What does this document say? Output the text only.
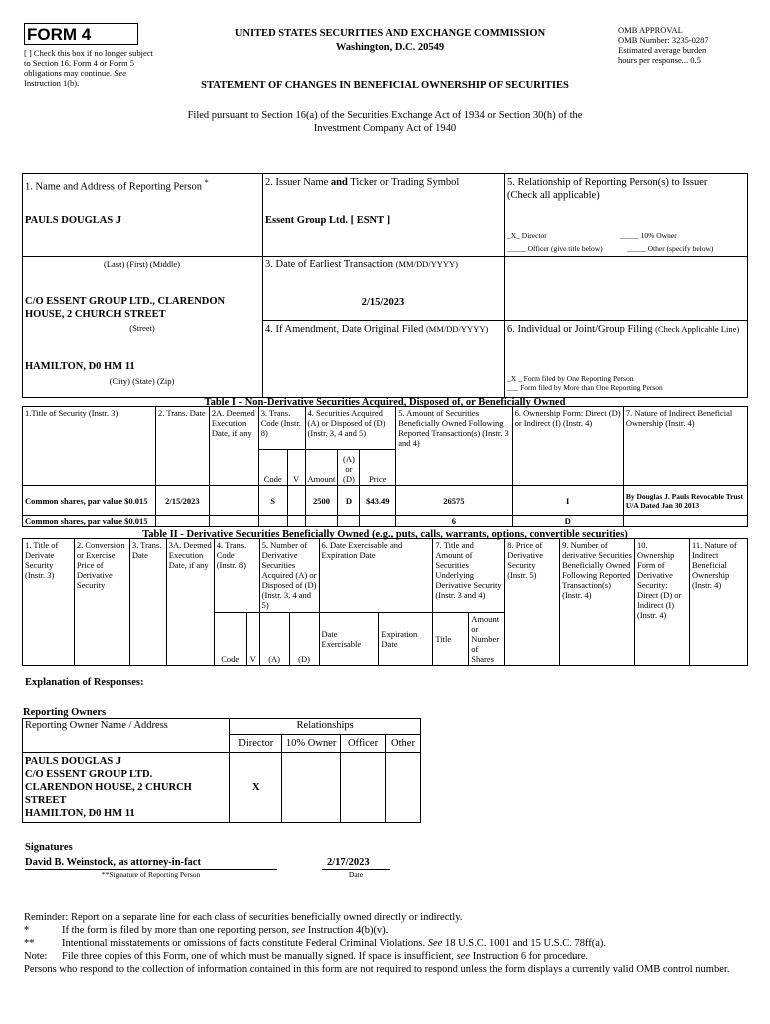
FORM 4
[ ] Check this box if no longer subject to Section 16. Form 4 or Form 5 obligations may continue. See Instruction 1(b).
UNITED STATES SECURITIES AND EXCHANGE COMMISSION
Washington, D.C. 20549
OMB APPROVAL
OMB Number: 3235-0287
Estimated average burden
hours per response... 0.5
STATEMENT OF CHANGES IN BENEFICIAL OWNERSHIP OF SECURITIES
Filed pursuant to Section 16(a) of the Securities Exchange Act of 1934 or Section 30(h) of the
Investment Company Act of 1940
1. Name and Address of Reporting Person *
PAULS DOUGLAS J
(Last) (First) (Middle)
C/O ESSENT GROUP LTD., CLARENDON HOUSE, 2 CHURCH STREET
(Street)
HAMILTON, D0 HM 11
(City) (State) (Zip)
2. Issuer Name and Ticker or Trading Symbol
Essent Group Ltd. [ ESNT ]
3. Date of Earliest Transaction (MM/DD/YYYY)
2/15/2023
4. If Amendment, Date Original Filed (MM/DD/YYYY)
5. Relationship of Reporting Person(s) to Issuer
(Check all applicable)
_X_ Director	_____ 10% Owner
_____ Officer (give title below)	_____ Other (specify below)
6. Individual or Joint/Group Filing (Check Applicable Line)
_X _ Form filed by One Reporting Person
___ Form filed by More than One Reporting Person
Table I - Non-Derivative Securities Acquired, Disposed of, or Beneficially Owned
1.Title of Security (Instr. 3)	2. Trans. Date	2A. Deemed Execution Date, if any	3. Trans. Code (Instr. 8)		4. Securities Acquired (A) or Disposed of (D) (Instr. 3, 4 and 5)			5. Amount of Securities Beneficially Owned Following Reported Transaction(s) (Instr. 3 and 4)	6. Ownership Form: Direct (D) or Indirect (I) (Instr. 4)	7. Nature of Indirect Beneficial Ownership (Instr. 4)
			Code	V	Amount	(A) or (D)	Price			
Common shares, par value $0.015	2/15/2023		S		2500	D	$43.49	26575	I	By Douglas J. Pauls Revocable Trust U/A Dated Jan 30 2013
Common shares, par value $0.015								6	D	
Table II - Derivative Securities Beneficially Owned (e.g., puts, calls, warrants, options, convertible securities)
1. Title of Derivate Security (Instr. 3)	2. Conversion or Exercise Price of Derivative Security	3. Trans. Date	3A. Deemed Execution Date, if any	4. Trans. Code (Instr. 8)		5. Number of Derivative Securities Acquired (A) or Disposed of (D) (Instr. 3, 4 and 5)		6. Date Exercisable and Expiration Date		7. Title and Amount of Securities Underlying Derivative Security (Instr. 3 and 4)		8. Price of Derivative Security (Instr. 5)	9. Number of derivative Securities Beneficially Owned Following Reported Transaction(s) (Instr. 4)	10. Ownership Form of Derivative Security: Direct (D) or Indirect (I) (Instr. 4)	11. Nature of Indirect Beneficial Ownership (Instr. 4)
				Code	V	(A)	(D)	Date Exercisable	Expiration Date	Title	Amount or Number of Shares				
Explanation of Responses:
Reporting Owners
Reporting Owner Name / Address	Relationships			
	Director	10% Owner	Officer	Other

PAULS DOUGLAS J
C/O ESSENT GROUP LTD.
CLARENDON HOUSE, 2 CHURCH
STREET
HAMILTON, D0 HM 11	X			
Signatures
David B. Weinstock, as attorney-in-fact
**Signature of Reporting Person
2/17/2023
Date
Reminder: Report on a separate line for each class of securities beneficially owned directly or indirectly.
*	If the form is filed by more than one reporting person, see Instruction 4(b)(v).
**	Intentional misstatements or omissions of facts constitute Federal Criminal Violations. See 18 U.S.C. 1001 and 15 U.S.C. 78ff(a).
Note: File three copies of this Form, one of which must be manually signed. If space is insufficient, see Instruction 6 for procedure.
Persons who respond to the collection of information contained in this form are not required to respond unless the form displays a currently valid OMB control number.
